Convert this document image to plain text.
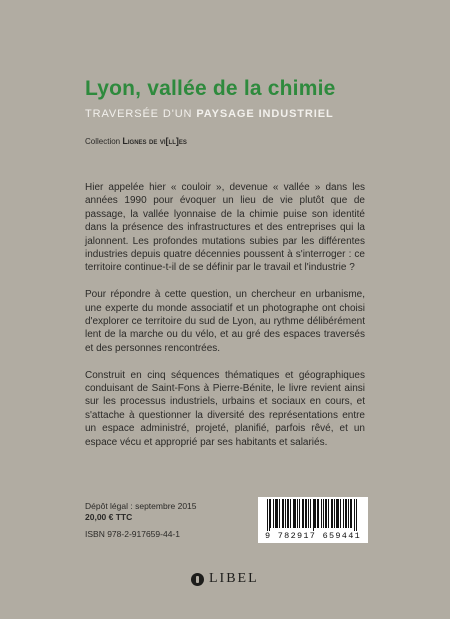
Lyon, vallée de la chimie
TRAVERSÉE D'UN PAYSAGE INDUSTRIEL
Collection Lignes de vi[ll]es

Hier appelée hier « couloir », devenue « vallée » dans les années 1990 pour évoquer un lieu de vie plutôt que de passage, la vallée lyonnaise de la chimie puise son identité dans la présence des infrastructures et des entreprises qui la jalonnent. Les profondes mutations subies par les différentes industries depuis quatre décennies poussent à s'interroger : ce territoire continue-t-il de se définir par le travail et l'industrie ?

Pour répondre à cette question, un chercheur en urbanisme, une experte du monde associatif et un photographe ont choisi d'explorer ce territoire du sud de Lyon, au rythme délibérément lent de la marche ou du vélo, et au gré des espaces traversés et des personnes rencontrées.

Construit en cinq séquences thématiques et géographiques conduisant de Saint-Fons à Pierre-Bénite, le livre revient ainsi sur les processus industriels, urbains et sociaux en cours, et s'attache à questionner la diversité des représentations entre un espace administré, projeté, planifié, parfois rêvé, et un espace vécu et approprié par ses habitants et salariés.

Dépôt légal : septembre 2015
20,00 € TTC
ISBN 978-2-917659-44-1	9 782917 659441
LIBEL
